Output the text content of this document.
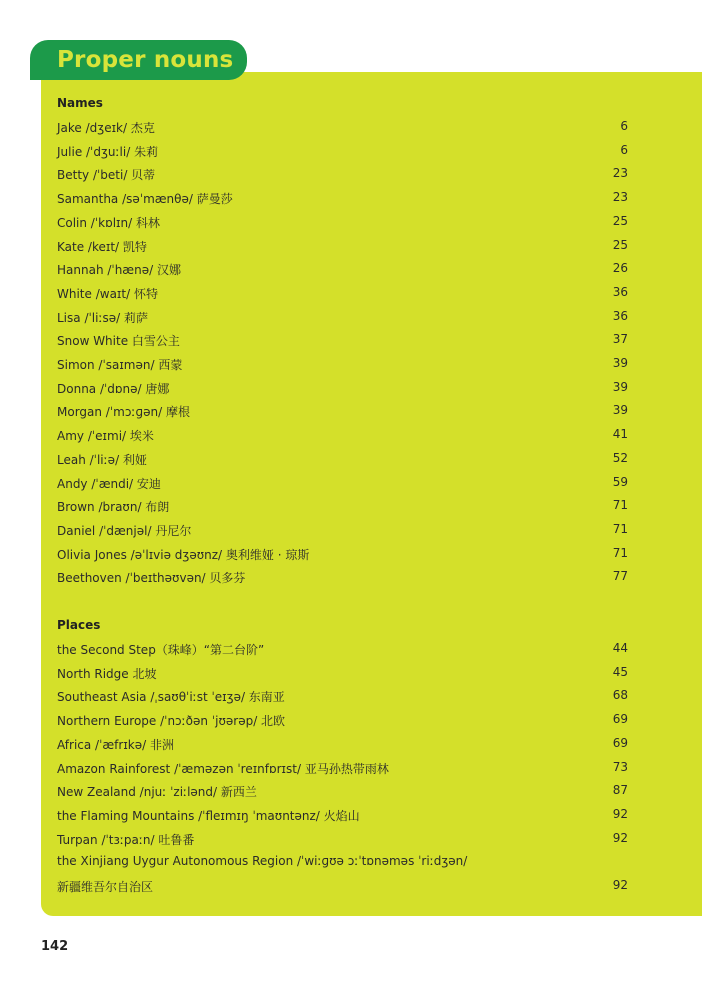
Proper nouns
Names
Jake /dʒeɪk/ 杰克	6
Julie /ˈdʒuːli/ 朱莉	6
Betty /ˈbeti/ 贝蒂	23
Samantha /səˈmænθə/ 萨曼莎	23
Colin /ˈkɒlɪn/ 科林	25
Kate /keɪt/ 凯特	25
Hannah /ˈhænə/ 汉娜	26
White /waɪt/ 怀特	36
Lisa /ˈliːsə/ 莉萨	36
Snow White 白雪公主	37
Simon /ˈsaɪmən/ 西蒙	39
Donna /ˈdɒnə/ 唐娜	39
Morgan /ˈmɔːɡən/ 摩根	39
Amy /ˈeɪmi/ 埃米	41
Leah /ˈliːə/ 利娅	52
Andy /ˈændi/ 安迪	59
Brown /braʊn/ 布朗	71
Daniel /ˈdænjəl/ 丹尼尔	71
Olivia Jones /əˈlɪviə dʒəʊnz/ 奥利维娅 · 琼斯	71
Beethoven /ˈbeɪthəʊvən/ 贝多芬	77
Places
the Second Step（珠峰）“第二台阶”	44
North Ridge 北坡	45
Southeast Asia /ˌsaʊθˈiːst ˈeɪʒə/ 东南亚	68
Northern Europe /ˈnɔːðən ˈjʊərəp/ 北欧	69
Africa /ˈæfrɪkə/ 非洲	69
Amazon Rainforest /ˈæməzən ˈreɪnfɒrɪst/ 亚马孙热带雨林	73
New Zealand /njuː ˈziːlənd/ 新西兰	87
the Flaming Mountains /ˈfleɪmɪŋ ˈmaʊntənz/ 火焰山	92
Turpan /ˈtɜːpaːn/ 吐鲁番	92
the Xinjiang Uygur Autonomous Region /ˈwiːɡʊə ɔːˈtɒnəməs ˈriːdʒən/
新疆维吾尔自治区	92
142
